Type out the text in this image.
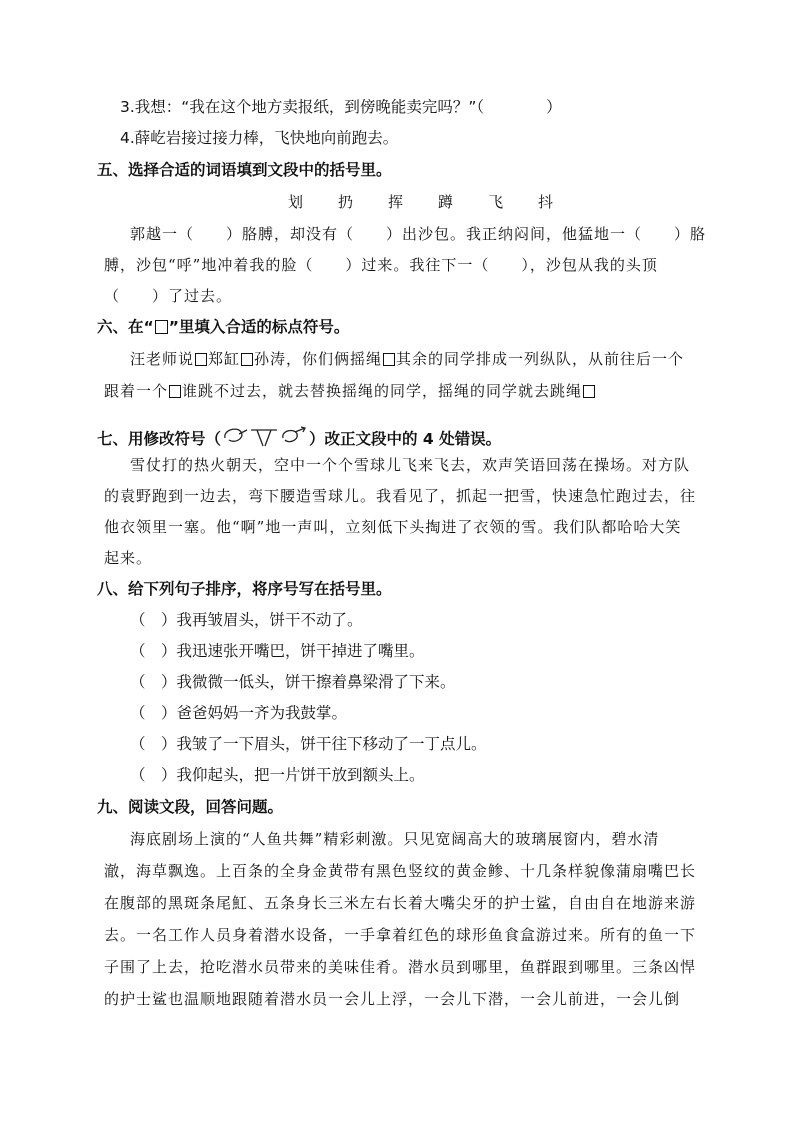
3.我想：“我在这个地方卖报纸，到傍晚能卖完吗？”（　　　　）
4.薛屹岩接过接力棒，飞快地向前跑去。
五、选择合适的词语填到文段中的括号里。
划 扔 挥 蹲 飞 抖
郭越一（　　）胳膊，却没有（　　）出沙包。我正纳闷间，他猛地一（　　）胳
膊，沙包“呼”地冲着我的脸（　　）过来。我往下一（　　），沙包从我的头顶
（　　）了过去。
六、在“ ”里填入合适的标点符号。
汪老师说 郑缸 孙涛，你们俩摇绳 其余的同学排成一列纵队，从前往后一个
跟着一个 谁跳不过去，就去替换摇绳的同学，摇绳的同学就去跳绳
七、用修改符号（	）改正文段中的 4 处错误。
雪仗打的热火朝天，空中一个个雪球儿飞来飞去，欢声笑语回荡在操场。对方队
的袁野跑到一边去，弯下腰造雪球儿。我看见了，抓起一把雪，快速急忙跑过去，往
他衣领里一塞。他“啊”地一声叫，立刻低下头掏进了衣领的雪。我们队都哈哈大笑
起来。
八、给下列句子排序，将序号写在括号里。
（　）我再皱眉头，饼干不动了。
（　）我迅速张开嘴巴，饼干掉进了嘴里。
（　）我微微一低头，饼干擦着鼻梁滑了下来。
（　）爸爸妈妈一齐为我鼓掌。
（　）我皱了一下眉头，饼干往下移动了一丁点儿。
（　）我仰起头，把一片饼干放到额头上。
九、阅读文段，回答问题。
海底剧场上演的“人鱼共舞”精彩刺激。只见宽阔高大的玻璃展窗内，碧水清
澈，海草飘逸。上百条的全身金黄带有黑色竖纹的黄金鲹、十几条样貌像蒲扇嘴巴长
在腹部的黑斑条尾魟、五条身长三米左右长着大嘴尖牙的护士鲨，自由自在地游来游
去。一名工作人员身着潜水设备，一手拿着红色的球形鱼食盒游过来。所有的鱼一下
子围了上去，抢吃潜水员带来的美味佳肴。潜水员到哪里，鱼群跟到哪里。三条凶悍
的护士鲨也温顺地跟随着潜水员一会儿上浮，一会儿下潜，一会儿前进，一会儿倒
